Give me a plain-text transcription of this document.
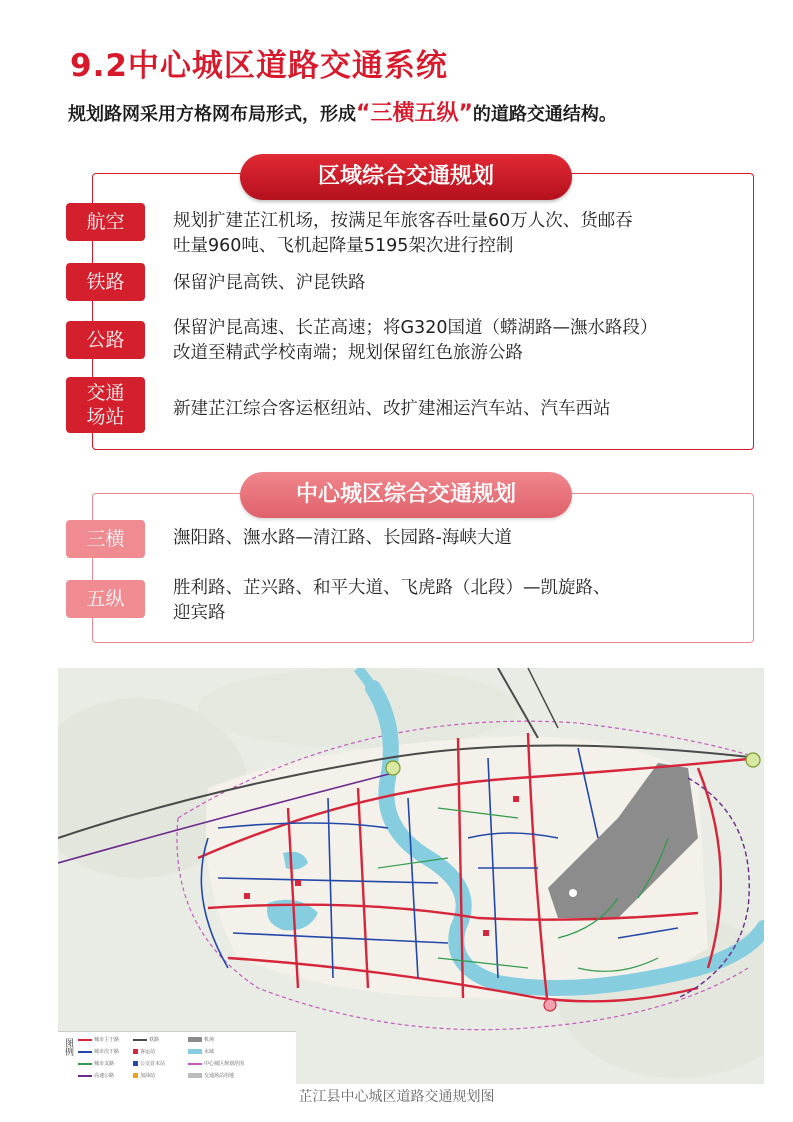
9.2中心城区道路交通系统
规划路网采用方格网布局形式，形成“三横五纵”的道路交通结构。
区域综合交通规划
航空	规划扩建芷江机场，按满足年旅客吞吐量60万人次、货邮吞
吐量960吨、飞机起降量5195架次进行控制
铁路	保留沪昆高铁、沪昆铁路
公路
保留沪昆高速、长芷高速；将G320国道（蟒湖路—潕水路段）
改道至精武学校南端；规划保留红色旅游公路
交通
场站	新建芷江综合客运枢纽站、改扩建湘运汽车站、汽车西站
中心城区综合交通规划
三横	潕阳路、潕水路—清江路、长园路-海峡大道
五纵	胜利路、芷兴路、和平大道、飞虎路（北段）—凯旋路、
迎宾路
图例	城市主干路
城市次干路
城市支路
高速公路
铁路
客运站
公交首末站
加油站
机场
水域
中心城区规划范围
交通场站用地
芷江县中心城区道路交通规划图
